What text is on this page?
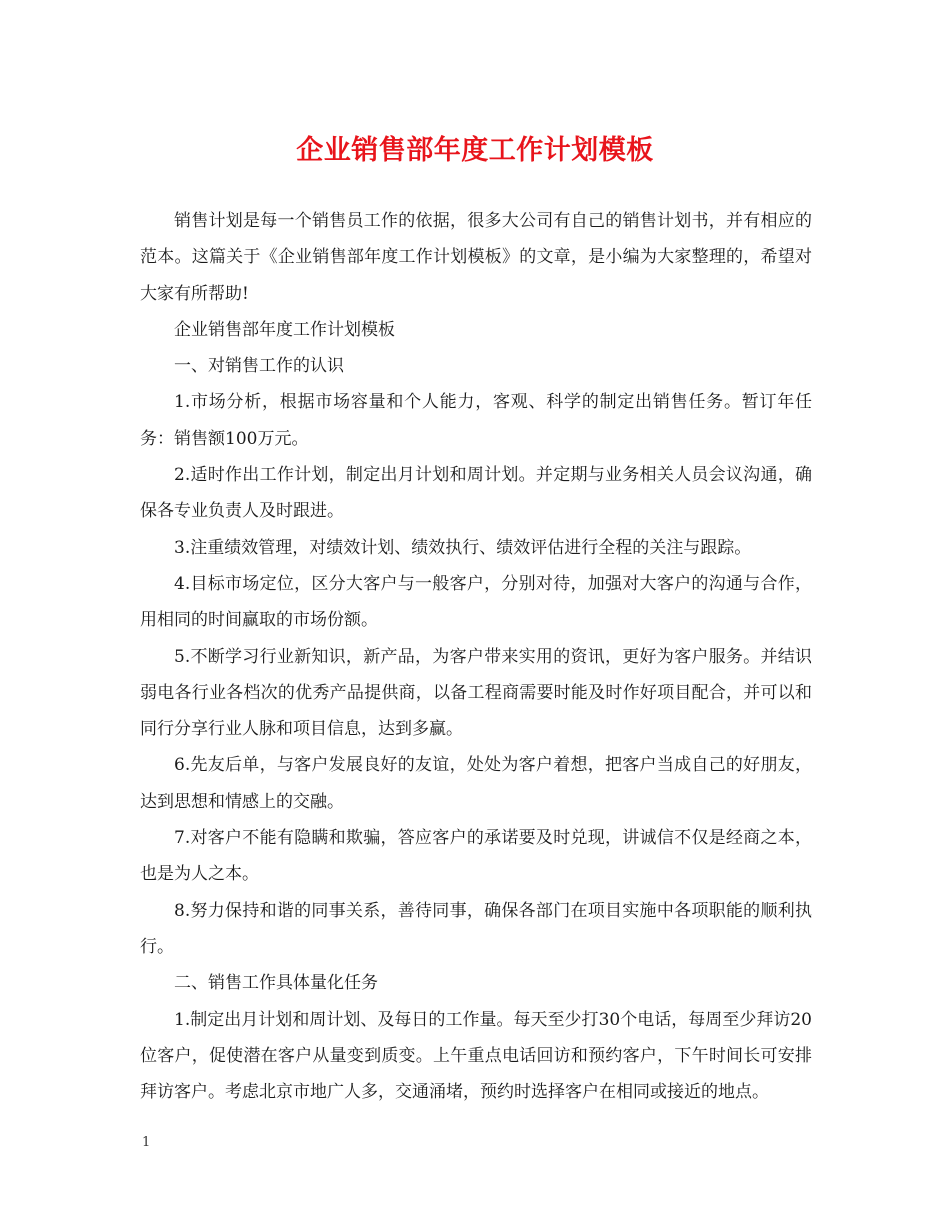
企业销售部年度工作计划模板

销售计划是每一个销售员工作的依据，很多大公司有自己的销售计划书，并有相应的范本。这篇关于《企业销售部年度工作计划模板》的文章，是小编为大家整理的，希望对大家有所帮助!

企业销售部年度工作计划模板

一、对销售工作的认识

1.市场分析，根据市场容量和个人能力，客观、科学的制定出销售任务。暂订年任务：销售额100万元。

2.适时作出工作计划，制定出月计划和周计划。并定期与业务相关人员会议沟通，确保各专业负责人及时跟进。

3.注重绩效管理，对绩效计划、绩效执行、绩效评估进行全程的关注与跟踪。

4.目标市场定位，区分大客户与一般客户，分别对待，加强对大客户的沟通与合作，用相同的时间赢取的市场份额。

5.不断学习行业新知识，新产品，为客户带来实用的资讯，更好为客户服务。并结识弱电各行业各档次的优秀产品提供商，以备工程商需要时能及时作好项目配合，并可以和同行分享行业人脉和项目信息，达到多赢。

6.先友后单，与客户发展良好的友谊，处处为客户着想，把客户当成自己的好朋友，达到思想和情感上的交融。

7.对客户不能有隐瞒和欺骗，答应客户的承诺要及时兑现，讲诚信不仅是经商之本，也是为人之本。

8.努力保持和谐的同事关系，善待同事，确保各部门在项目实施中各项职能的顺利执行。

二、销售工作具体量化任务

1.制定出月计划和周计划、及每日的工作量。每天至少打30个电话，每周至少拜访20位客户，促使潜在客户从量变到质变。上午重点电话回访和预约客户，下午时间长可安排拜访客户。考虑北京市地广人多，交通涌堵，预约时选择客户在相同或接近的地点。

1
